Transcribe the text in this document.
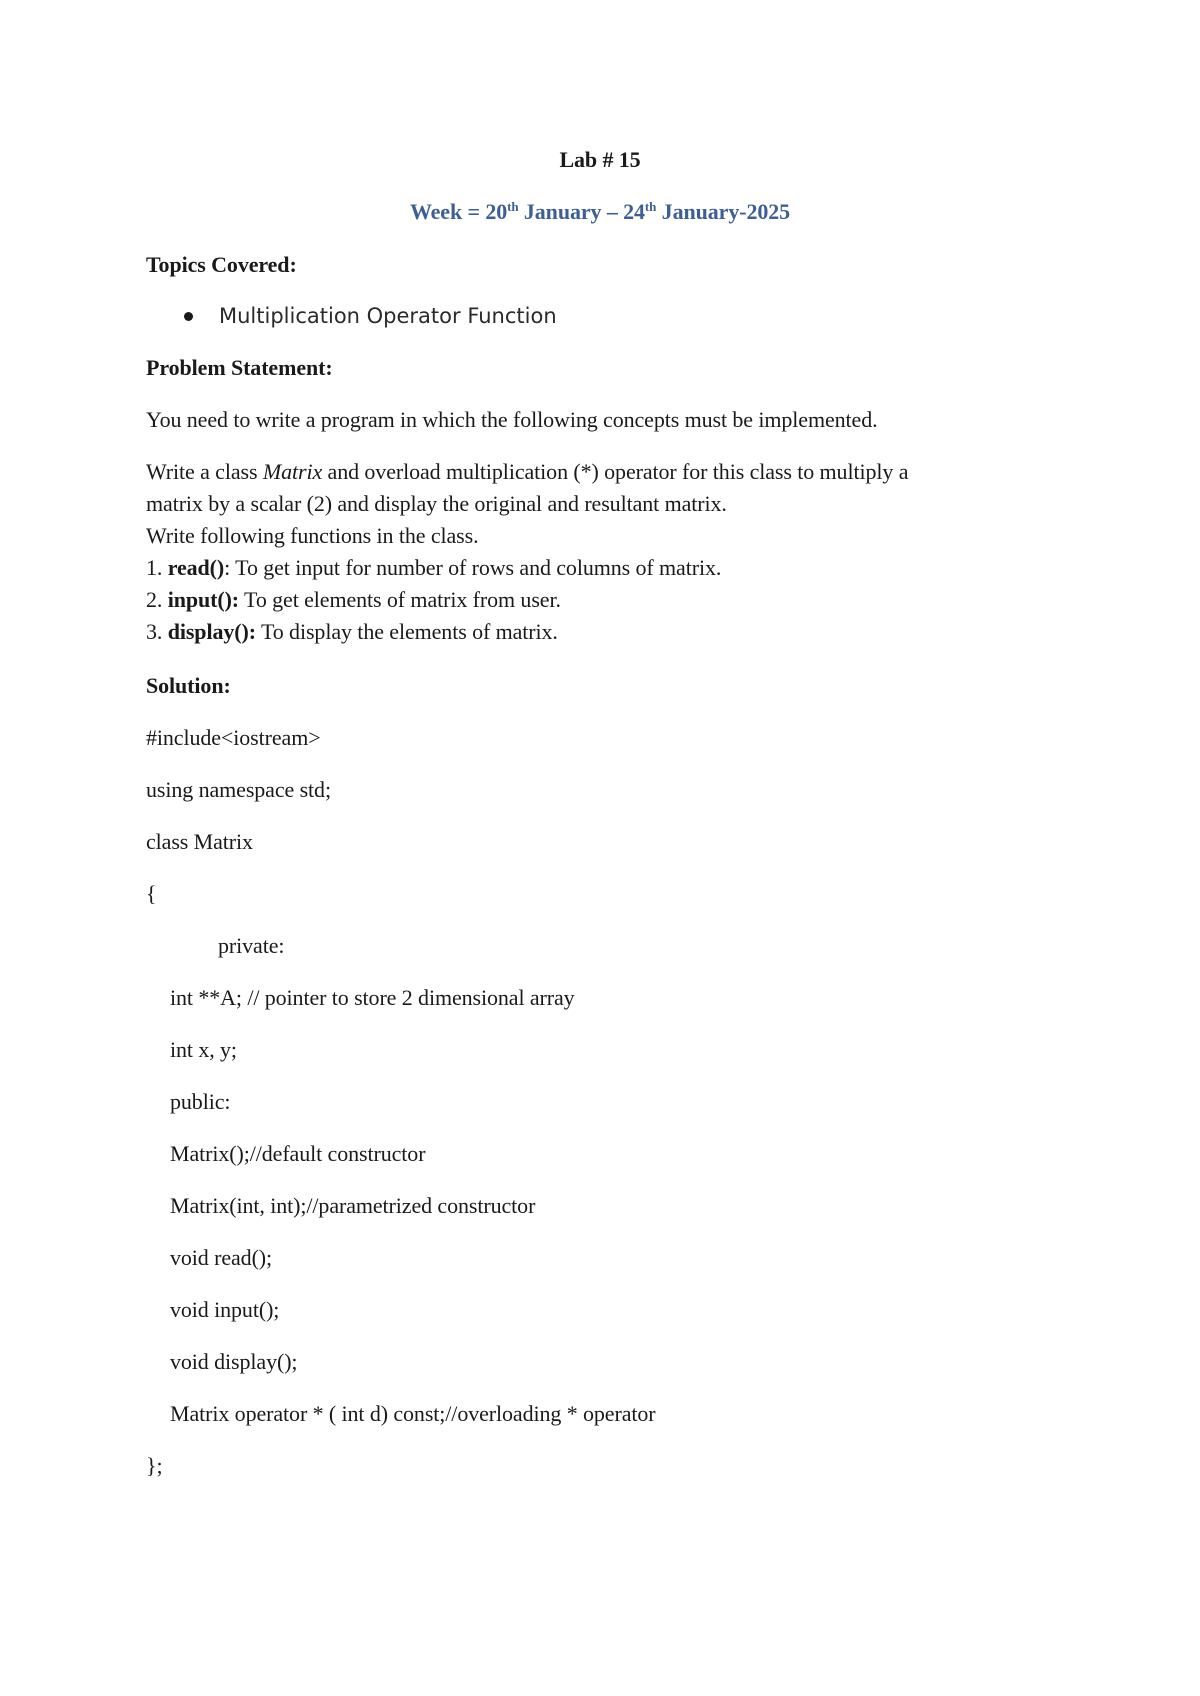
Lab # 15
Week = 20th January – 24th January-2025
Topics Covered:
Multiplication Operator Function
Problem Statement:
You need to write a program in which the following concepts must be implemented.
Write a class Matrix and overload multiplication (*) operator for this class to multiply a
matrix by a scalar (2) and display the original and resultant matrix.
Write following functions in the class.
1. read(): To get input for number of rows and columns of matrix.
2. input(): To get elements of matrix from user.
3. display(): To display the elements of matrix.
Solution:
#include<iostream>
using namespace std;
class Matrix
{
private:
int **A; // pointer to store 2 dimensional array
int x, y;
public:
Matrix();//default constructor
Matrix(int, int);//parametrized constructor
void read();
void input();
void display();
Matrix operator * ( int d) const;//overloading * operator
};
